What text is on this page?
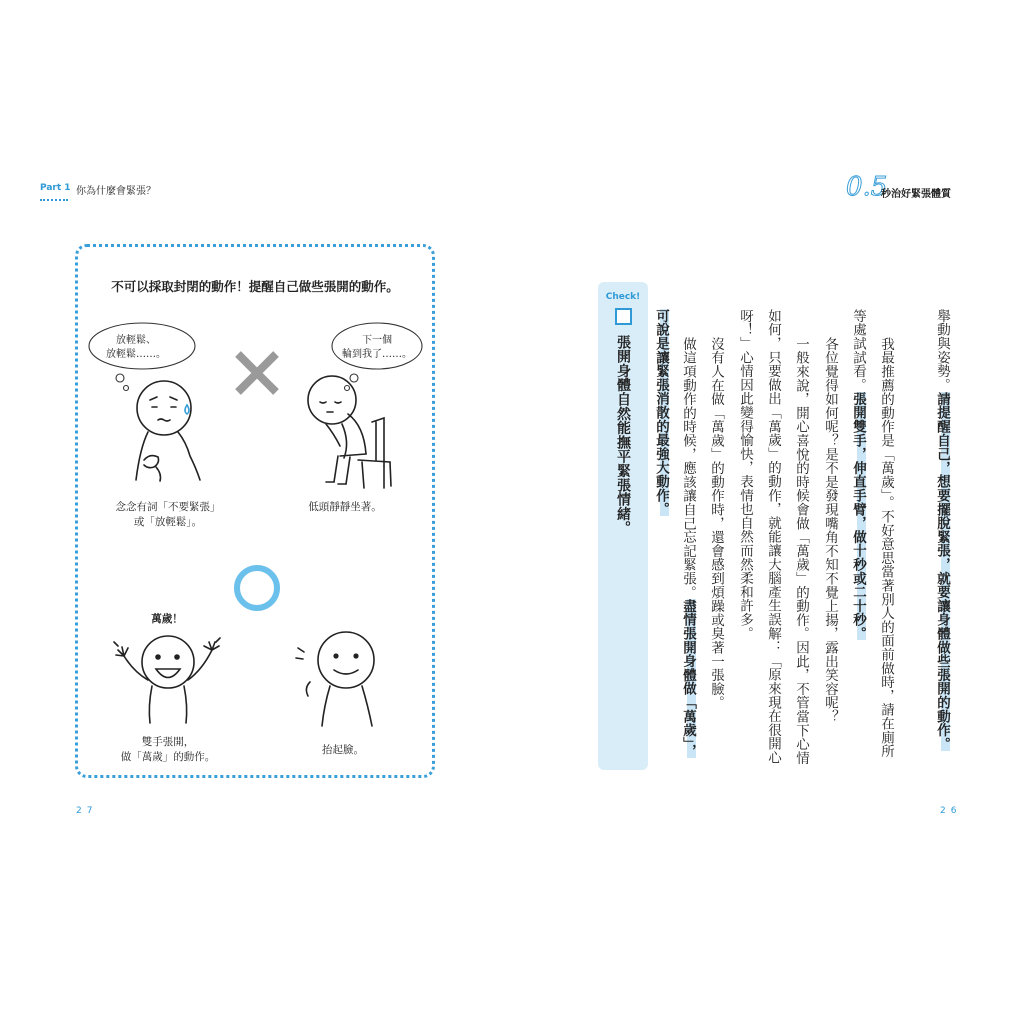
Part 1 你為什麼會緊張？
不可以採取封閉的動作！提醒自己做些張開的動作。
放輕鬆、
放輕鬆……。
下一個
輪到我了……。
念念有詞「不要緊張」
或「放輕鬆」。
低頭靜靜坐著。
萬歲！
雙手張開，
做「萬歲」的動作。
抬起臉。
27
0.5
秒治好緊張體質
舉動與姿勢。請提醒自己，想要擺脫緊張，就要讓身體做些張開的動作。
我最推薦的動作是「萬歲」。不好意思當著別人的面前做時，請在廁所
等處試試看。張開雙手，伸直手臂，做十秒或二十秒。
各位覺得如何呢？是不是發現嘴角不知不覺上揚，露出笑容呢？
一般來說，開心喜悅的時候會做「萬歲」的動作。因此，不管當下心情
如何，只要做出「萬歲」的動作，就能讓大腦產生誤解：「原來現在很開心
呀！」心情因此變得愉快，表情也自然而然柔和許多。
沒有人在做「萬歲」的動作時，還會感到煩躁或臭著一張臉。
做這項動作的時候，應該讓自己忘記緊張。盡情張開身體做「萬歲」，
可說是讓緊張消散的最強大動作。
Check!
張開身體自然能撫平緊張情緒。
26
